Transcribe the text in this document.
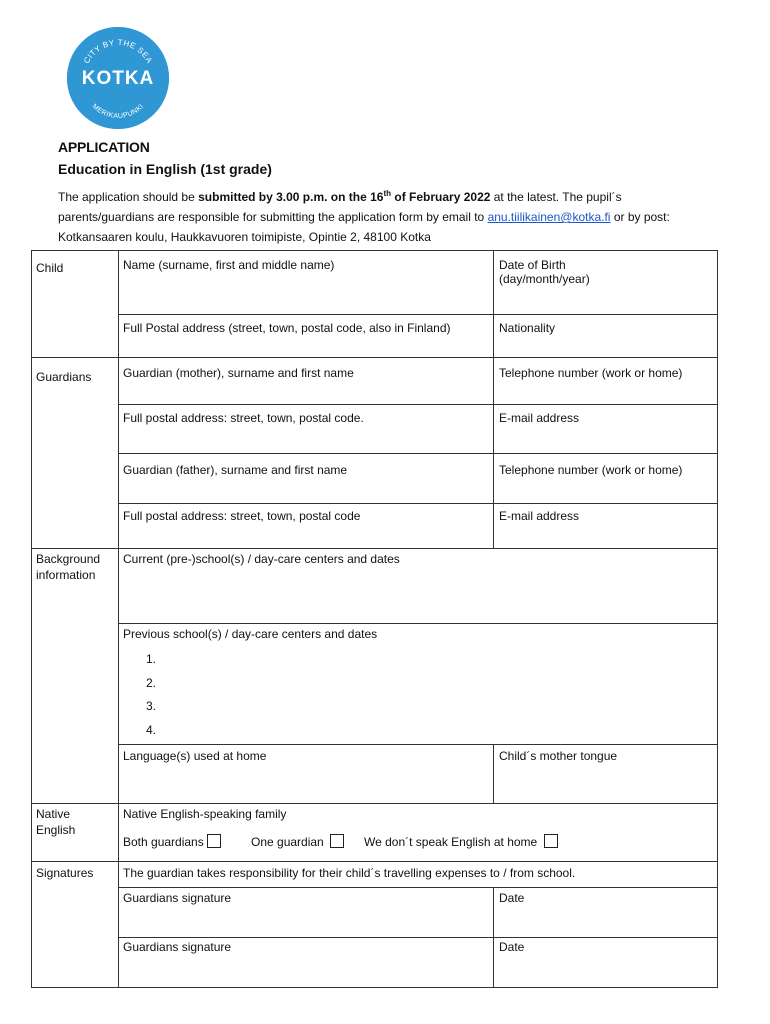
CITY BY THE SEA
KOTKA
MERIKAUPUNKI
APPLICATION
Education in English (1st grade)
The application should be submitted by 3.00 p.m. on the 16th of February 2022 at the latest. The pupil´s parents/guardians are responsible for submitting the application form by email to anu.tiilikainen@kotka.fi or by post: Kotkansaaren koulu, Haukkavuoren toimipiste, Opintie 2, 48100 Kotka
Child	Name (surname, first and middle name)	Date of Birth
(day/month/year)
Full Postal address (street, town, postal code, also in Finland)	Nationality
Guardians	Guardian (mother), surname and first name	Telephone number (work or home)
Full postal address: street, town, postal code.	E-mail address
Guardian (father), surname and first name	Telephone number (work or home)
Full postal address: street, town, postal code	E-mail address
Background
information
Current (pre-)school(s) / day-care centers and dates
Previous school(s) / day-care centers and dates
1.
2.
3.
4.
Language(s) used at home	Child´s mother tongue
Native
English
Native English-speaking family
Both guardians	One guardian	We don´t speak English at home
Signatures The guardian takes responsibility for their child´s travelling expenses to / from school.
Guardians signature	Date
Guardians signature	Date
